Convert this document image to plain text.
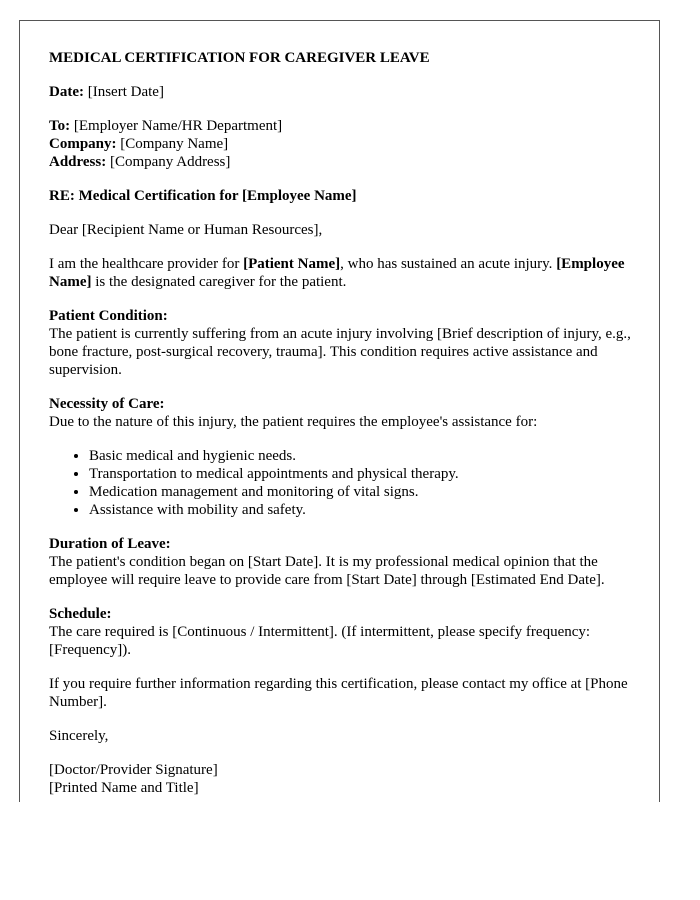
MEDICAL CERTIFICATION FOR CAREGIVER LEAVE

Date: [Insert Date]

To: [Employer Name/HR Department]
Company: [Company Name]
Address: [Company Address]

RE: Medical Certification for [Employee Name]

Dear [Recipient Name or Human Resources],

I am the healthcare provider for [Patient Name], who has sustained an acute injury. [Employee Name] is the designated caregiver for the patient.

Patient Condition:
The patient is currently suffering from an acute injury involving [Brief description of injury, e.g., bone fracture, post-surgical recovery, trauma]. This condition requires active assistance and supervision.

Necessity of Care:
Due to the nature of this injury, the patient requires the employee's assistance for:

• Basic medical and hygienic needs.
• Transportation to medical appointments and physical therapy.
• Medication management and monitoring of vital signs.
• Assistance with mobility and safety.

Duration of Leave:
The patient's condition began on [Start Date]. It is my professional medical opinion that the employee will require leave to provide care from [Start Date] through [Estimated End Date].

Schedule:
The care required is [Continuous / Intermittent]. (If intermittent, please specify frequency: [Frequency]).

If you require further information regarding this certification, please contact my office at [Phone Number].

Sincerely,

[Doctor/Provider Signature]
[Printed Name and Title]
